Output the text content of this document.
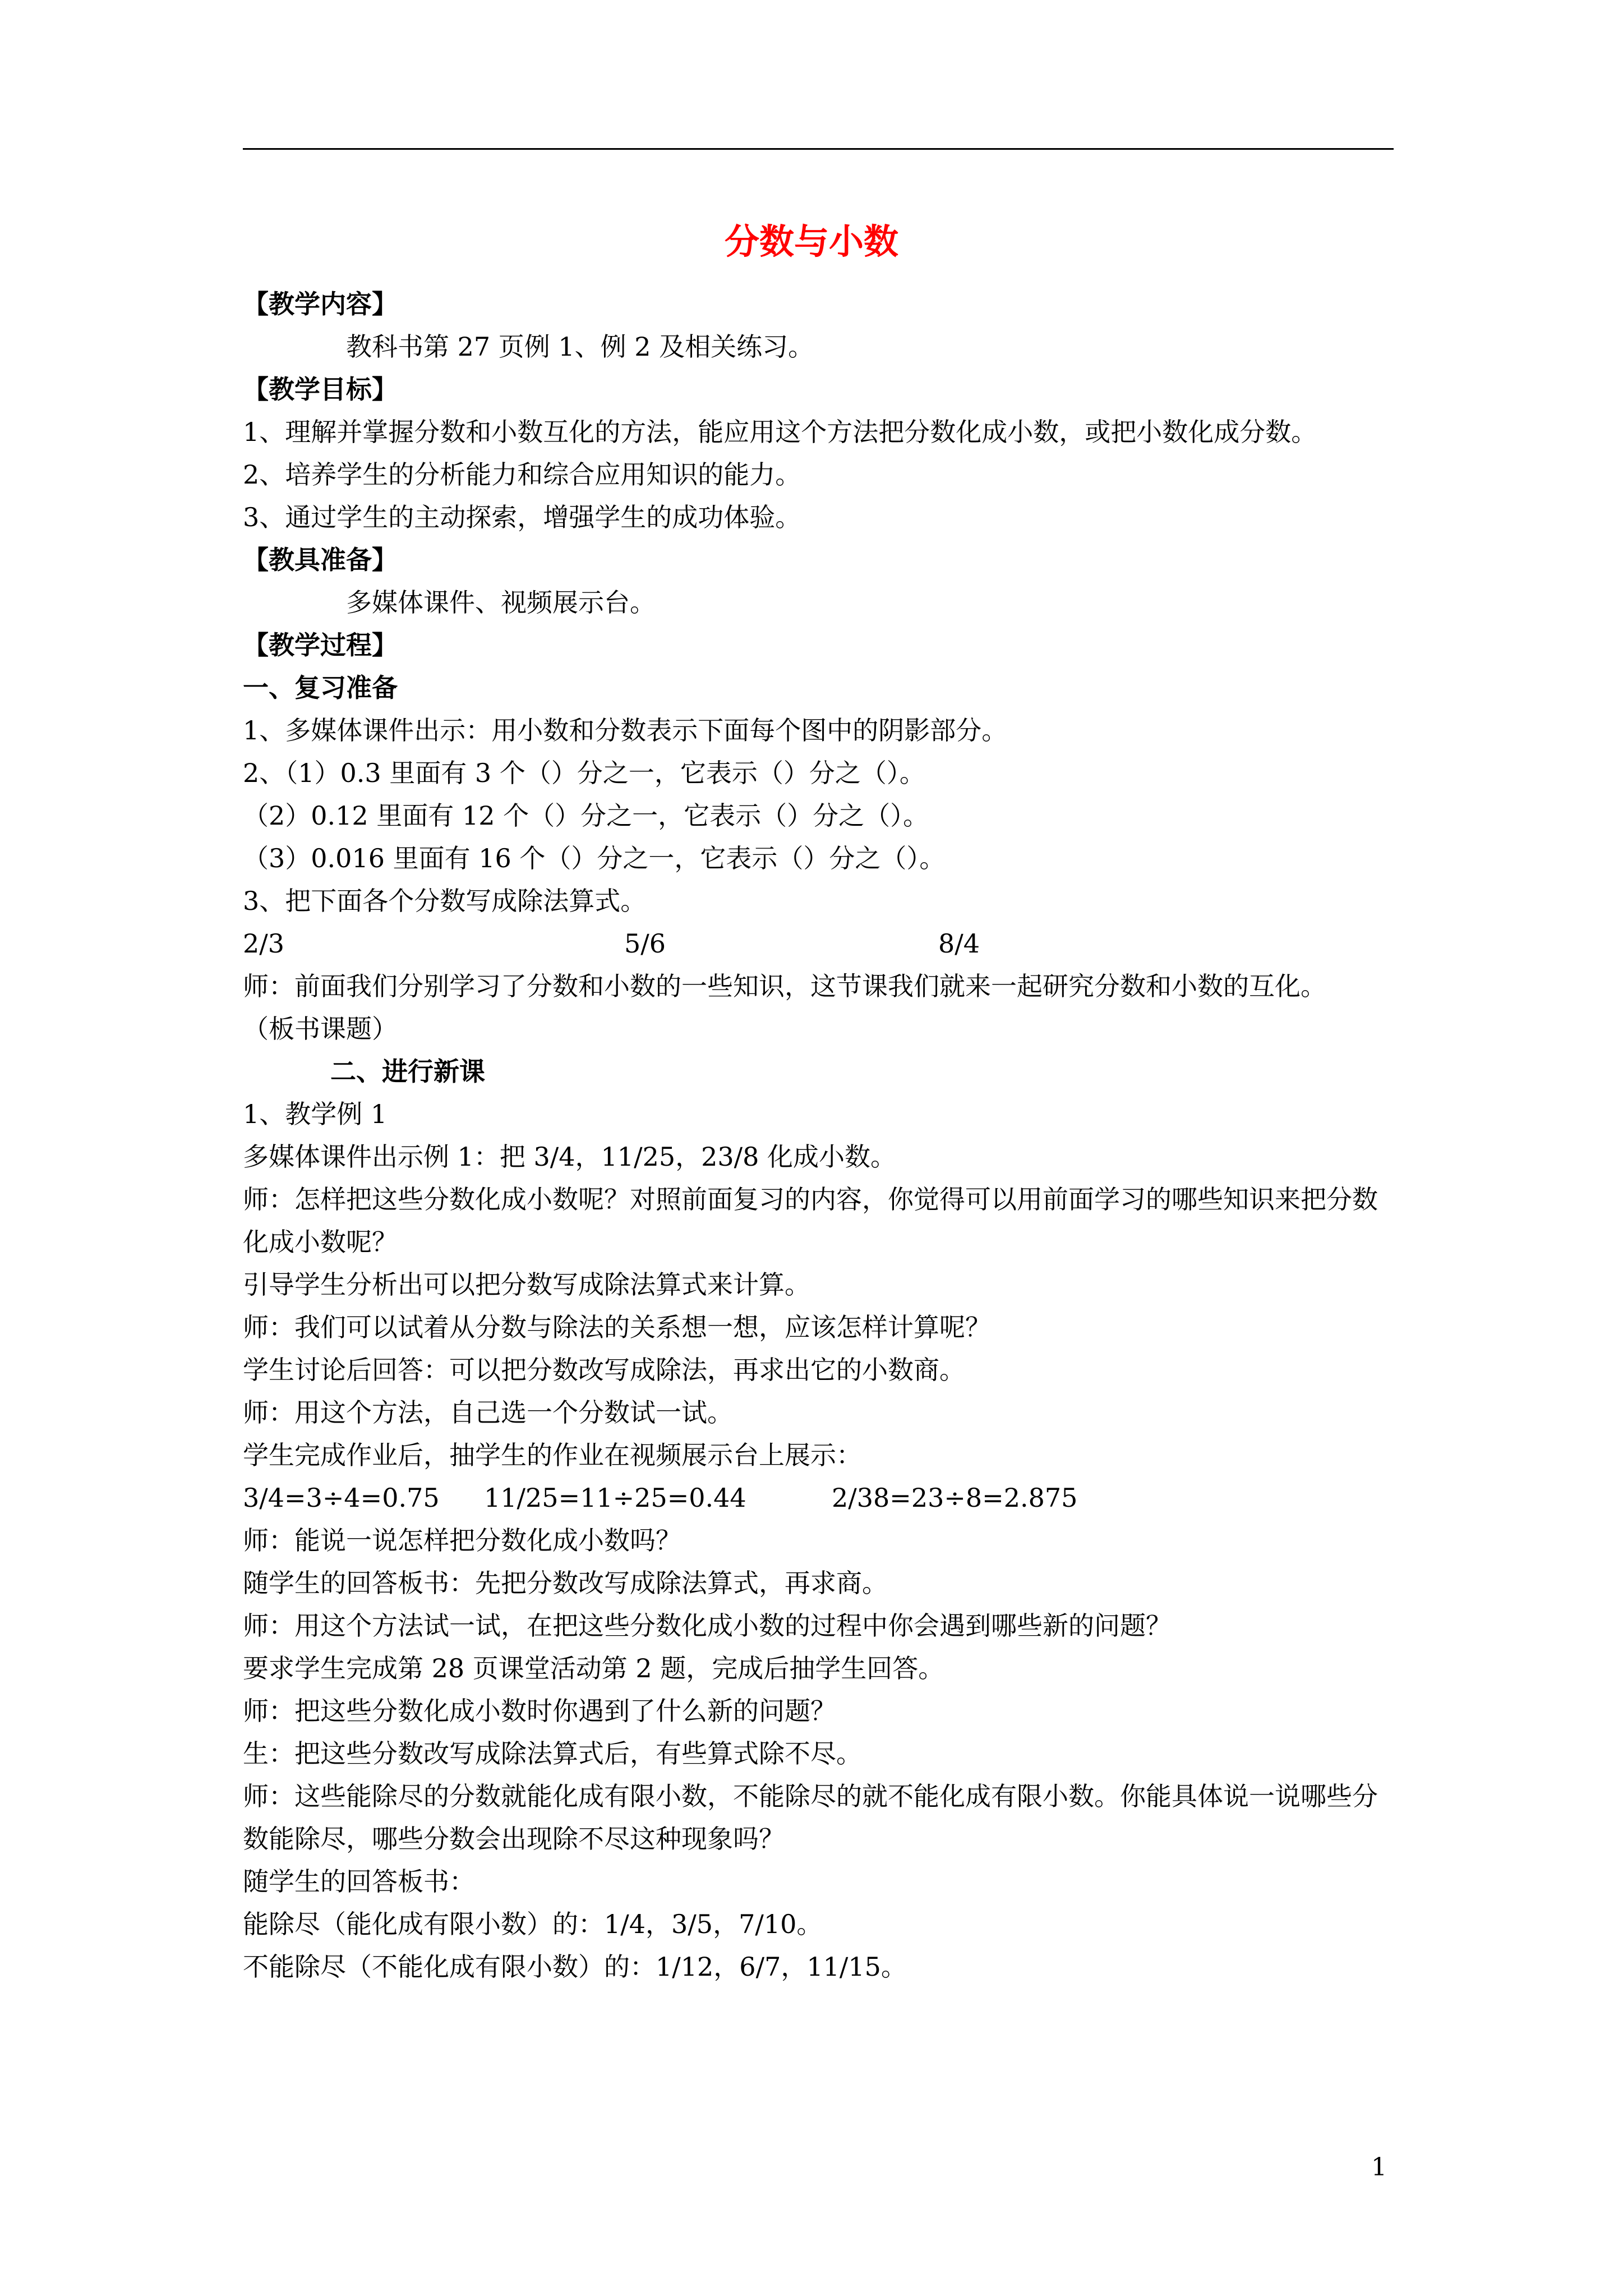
分数与小数
【教学内容】
教科书第 27 页例 1、例 2 及相关练习。
【教学目标】
1、理解并掌握分数和小数互化的方法，能应用这个方法把分数化成小数，或把小数化成分数。
2、培养学生的分析能力和综合应用知识的能力。
3、通过学生的主动探索，增强学生的成功体验。
【教具准备】
多媒体课件、视频展示台。
【教学过程】
一、复习准备
1、多媒体课件出示：用小数和分数表示下面每个图中的阴影部分。
2、（1）0.3 里面有 3 个（）分之一，它表示（）分之（）。
（2）0.12 里面有 12 个（）分之一，它表示（）分之（）。
（3）0.016 里面有 16 个（）分之一，它表示（）分之（）。
3、把下面各个分数写成除法算式。
2/3	5/6	8/4
师：前面我们分别学习了分数和小数的一些知识，这节课我们就来一起研究分数和小数的互化。
（板书课题）
二、进行新课
1、教学例 1
多媒体课件出示例 1：把 3/4，11/25，23/8 化成小数。
师：怎样把这些分数化成小数呢？对照前面复习的内容，你觉得可以用前面学习的哪些知识来把分数化成小数呢？
引导学生分析出可以把分数写成除法算式来计算。
师：我们可以试着从分数与除法的关系想一想，应该怎样计算呢？
学生讨论后回答：可以把分数改写成除法，再求出它的小数商。
师：用这个方法，自己选一个分数试一试。
学生完成作业后，抽学生的作业在视频展示台上展示：
3/4=3÷4=0.75	11/25=11÷25=0.44	2/38=23÷8=2.875
师：能说一说怎样把分数化成小数吗？
随学生的回答板书：先把分数改写成除法算式，再求商。
师：用这个方法试一试，在把这些分数化成小数的过程中你会遇到哪些新的问题？
要求学生完成第 28 页课堂活动第 2 题，完成后抽学生回答。
师：把这些分数化成小数时你遇到了什么新的问题？
生：把这些分数改写成除法算式后，有些算式除不尽。
师：这些能除尽的分数就能化成有限小数，不能除尽的就不能化成有限小数。你能具体说一说哪些分数能除尽，哪些分数会出现除不尽这种现象吗？
随学生的回答板书：
能除尽（能化成有限小数）的：1/4，3/5，7/10。
不能除尽（不能化成有限小数）的：1/12，6/7，11/15。
1
